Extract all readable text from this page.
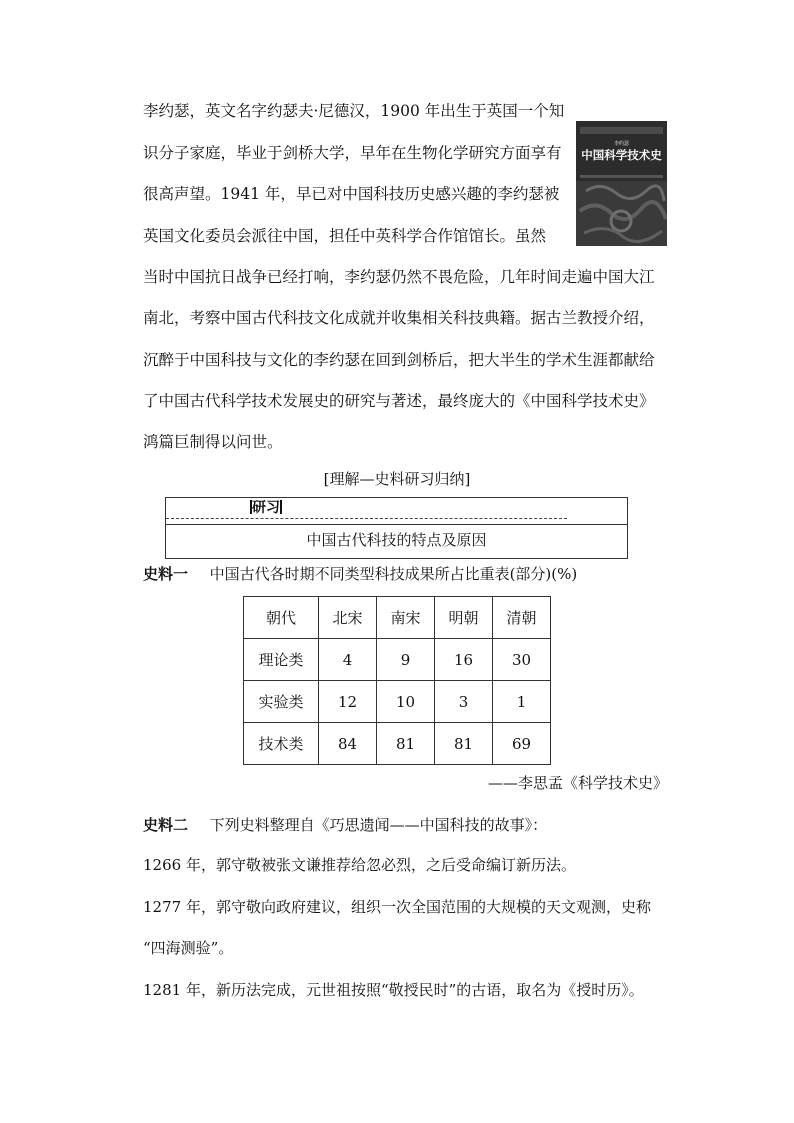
李约瑟，英文名字约瑟夫·尼德汉，1900 年出生于英国一个知
识分子家庭，毕业于剑桥大学，早年在生物化学研究方面享有
很高声望。1941 年，早已对中国科技历史感兴趣的李约瑟被
英国文化委员会派往中国，担任中英科学合作馆馆长。虽然
当时中国抗日战争已经打响，李约瑟仍然不畏危险，几年时间走遍中国大江
南北，考察中国古代科技文化成就并收集相关科技典籍。据古兰教授介绍，
沉醉于中国科技与文化的李约瑟在回到剑桥后，把大半生的学术生涯都献给
了中国古代科学技术发展史的研究与著述，最终庞大的《中国科学技术史》
鸿篇巨制得以问世。
李约瑟
中国科学技术史
[理解—史料研习归纳]
研习
中国古代科技的特点及原因
史料一 中国古代各时期不同类型科技成果所占比重表(部分)(%)
朝代	北宋	南宋	明朝	清朝
理论类	4	9	16	30
实验类	12	10	3	1
技术类	84	81	81	69
——李思孟《科学技术史》
史料二 下列史料整理自《巧思遗闻——中国科技的故事》：
1266 年，郭守敬被张文谦推荐给忽必烈，之后受命编订新历法。
1277 年，郭守敬向政府建议，组织一次全国范围的大规模的天文观测，史称
“四海测验”。
1281 年，新历法完成，元世祖按照“敬授民时”的古语，取名为《授时历》。
